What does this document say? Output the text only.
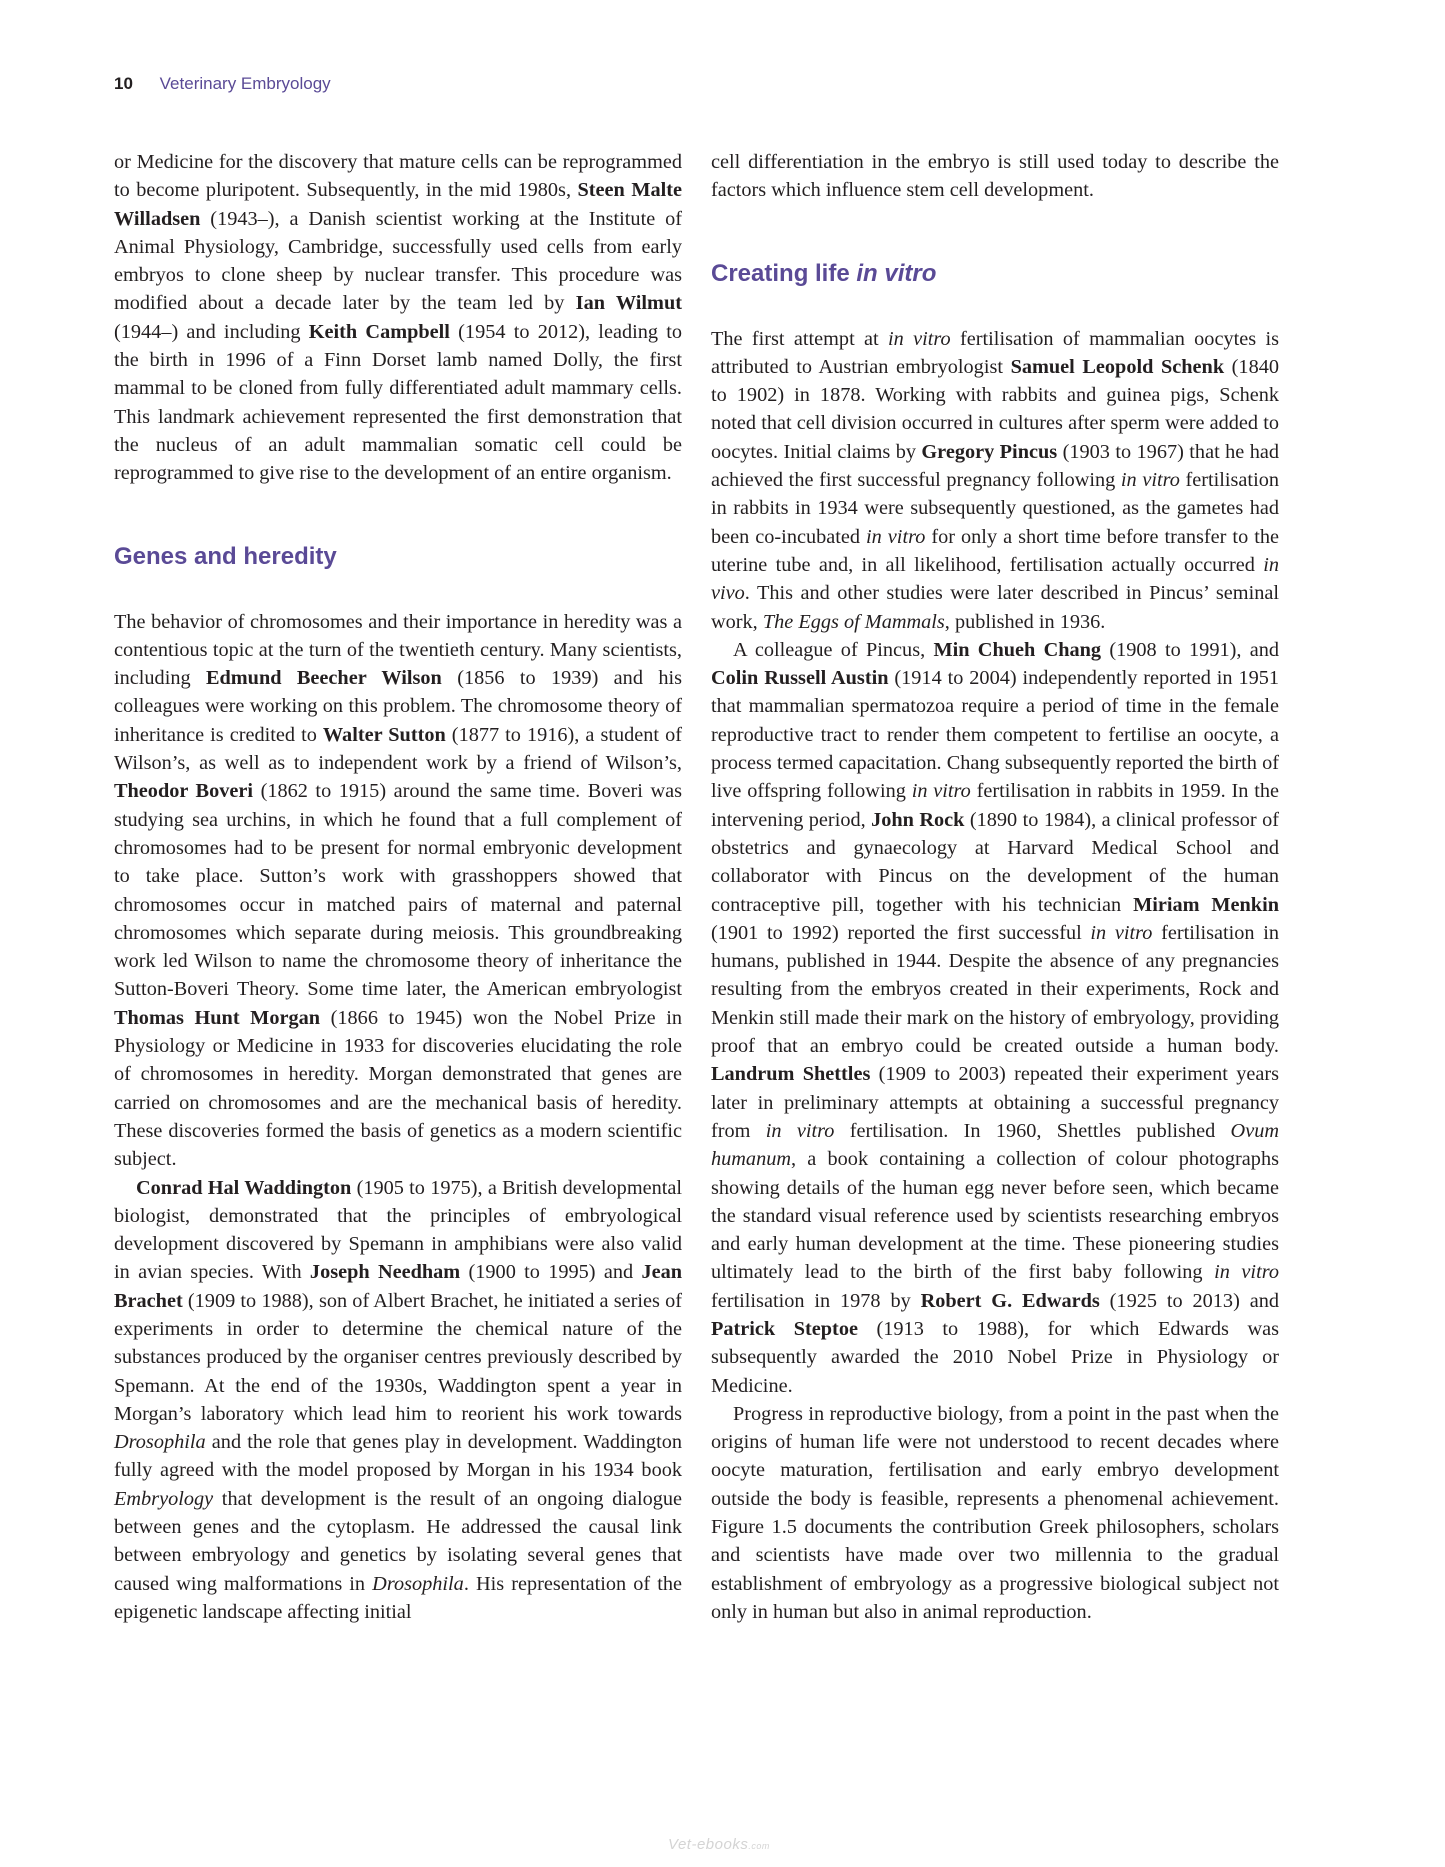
10 Veterinary Embryology

or Medicine for the discovery that mature cells can be reprogrammed to become pluripotent. Subsequently, in the mid 1980s, Steen Malte Willadsen (1943–), a Danish scientist working at the Institute of Animal Physiology, Cambridge, successfully used cells from early embryos to clone sheep by nuclear transfer. This procedure was modified about a decade later by the team led by Ian Wilmut (1944–) and including Keith Campbell (1954 to 2012), leading to the birth in 1996 of a Finn Dorset lamb named Dolly, the first mammal to be cloned from fully differentiated adult mammary cells. This landmark achievement represented the first demonstration that the nucleus of an adult mammalian somatic cell could be reprogrammed to give rise to the development of an entire organism.

Genes and heredity

The behavior of chromosomes and their importance in heredity was a contentious topic at the turn of the twentieth century. Many scientists, including Edmund Beecher Wilson (1856 to 1939) and his colleagues were working on this problem. The chromosome theory of inheritance is credited to Walter Sutton (1877 to 1916), a student of Wilson’s, as well as to independent work by a friend of Wilson’s, Theodor Boveri (1862 to 1915) around the same time. Boveri was studying sea urchins, in which he found that a full complement of chromosomes had to be present for normal embryonic development to take place. Sutton’s work with grasshoppers showed that chromosomes occur in matched pairs of maternal and paternal chromosomes which separate during meiosis. This groundbreaking work led Wilson to name the chromosome theory of inheritance the Sutton-Boveri Theory. Some time later, the American embryologist Thomas Hunt Morgan (1866 to 1945) won the Nobel Prize in Physiology or Medicine in 1933 for discoveries elucidating the role of chromosomes in heredity. Morgan demonstrated that genes are carried on chromosomes and are the mechanical basis of heredity. These discoveries formed the basis of genetics as a modern scientific subject.

Conrad Hal Waddington (1905 to 1975), a British developmental biologist, demonstrated that the principles of embryological development discovered by Spemann in amphibians were also valid in avian species. With Joseph Needham (1900 to 1995) and Jean Brachet (1909 to 1988), son of Albert Brachet, he initiated a series of experiments in order to determine the chemical nature of the substances produced by the organiser centres previously described by Spemann. At the end of the 1930s, Waddington spent a year in Morgan’s laboratory which lead him to reorient his work towards Drosophila and the role that genes play in development. Waddington fully agreed with the model proposed by Morgan in his 1934 book Embryology that development is the result of an ongoing dialogue between genes and the cytoplasm. He addressed the causal link between embryology and genetics by isolating several genes that caused wing malformations in Drosophila. His representation of the epigenetic landscape affecting initial

cell differentiation in the embryo is still used today to describe the factors which influence stem cell development.

Creating life in vitro

The first attempt at in vitro fertilisation of mammalian oocytes is attributed to Austrian embryologist Samuel Leopold Schenk (1840 to 1902) in 1878. Working with rabbits and guinea pigs, Schenk noted that cell division occurred in cultures after sperm were added to oocytes. Initial claims by Gregory Pincus (1903 to 1967) that he had achieved the first successful pregnancy following in vitro fertilisation in rabbits in 1934 were subsequently questioned, as the gametes had been co-incubated in vitro for only a short time before transfer to the uterine tube and, in all likelihood, fertilisation actually occurred in vivo. This and other studies were later described in Pincus’ seminal work, The Eggs of Mammals, published in 1936.

A colleague of Pincus, Min Chueh Chang (1908 to 1991), and Colin Russell Austin (1914 to 2004) independently reported in 1951 that mammalian spermatozoa require a period of time in the female reproductive tract to render them competent to fertilise an oocyte, a process termed capacitation. Chang subsequently reported the birth of live offspring following in vitro fertilisation in rabbits in 1959. In the intervening period, John Rock (1890 to 1984), a clinical professor of obstetrics and gynaecology at Harvard Medical School and collaborator with Pincus on the development of the human contraceptive pill, together with his technician Miriam Menkin (1901 to 1992) reported the first successful in vitro fertilisation in humans, published in 1944. Despite the absence of any pregnancies resulting from the embryos created in their experiments, Rock and Menkin still made their mark on the history of embryology, providing proof that an embryo could be created outside a human body. Landrum Shettles (1909 to 2003) repeated their experiment years later in preliminary attempts at obtaining a successful pregnancy from in vitro fertilisation. In 1960, Shettles published Ovum humanum, a book containing a collection of colour photographs showing details of the human egg never before seen, which became the standard visual reference used by scientists researching embryos and early human development at the time. These pioneering studies ultimately lead to the birth of the first baby following in vitro fertilisation in 1978 by Robert G. Edwards (1925 to 2013) and Patrick Steptoe (1913 to 1988), for which Edwards was subsequently awarded the 2010 Nobel Prize in Physiology or Medicine.

Progress in reproductive biology, from a point in the past when the origins of human life were not understood to recent decades where oocyte maturation, fertilisation and early embryo development outside the body is feasible, represents a phenomenal achievement. Figure 1.5 documents the contribution Greek philosophers, scholars and scientists have made over two millennia to the gradual establishment of embryology as a progressive biological subject not only in human but also in animal reproduction.

Vet-ebooks.com
